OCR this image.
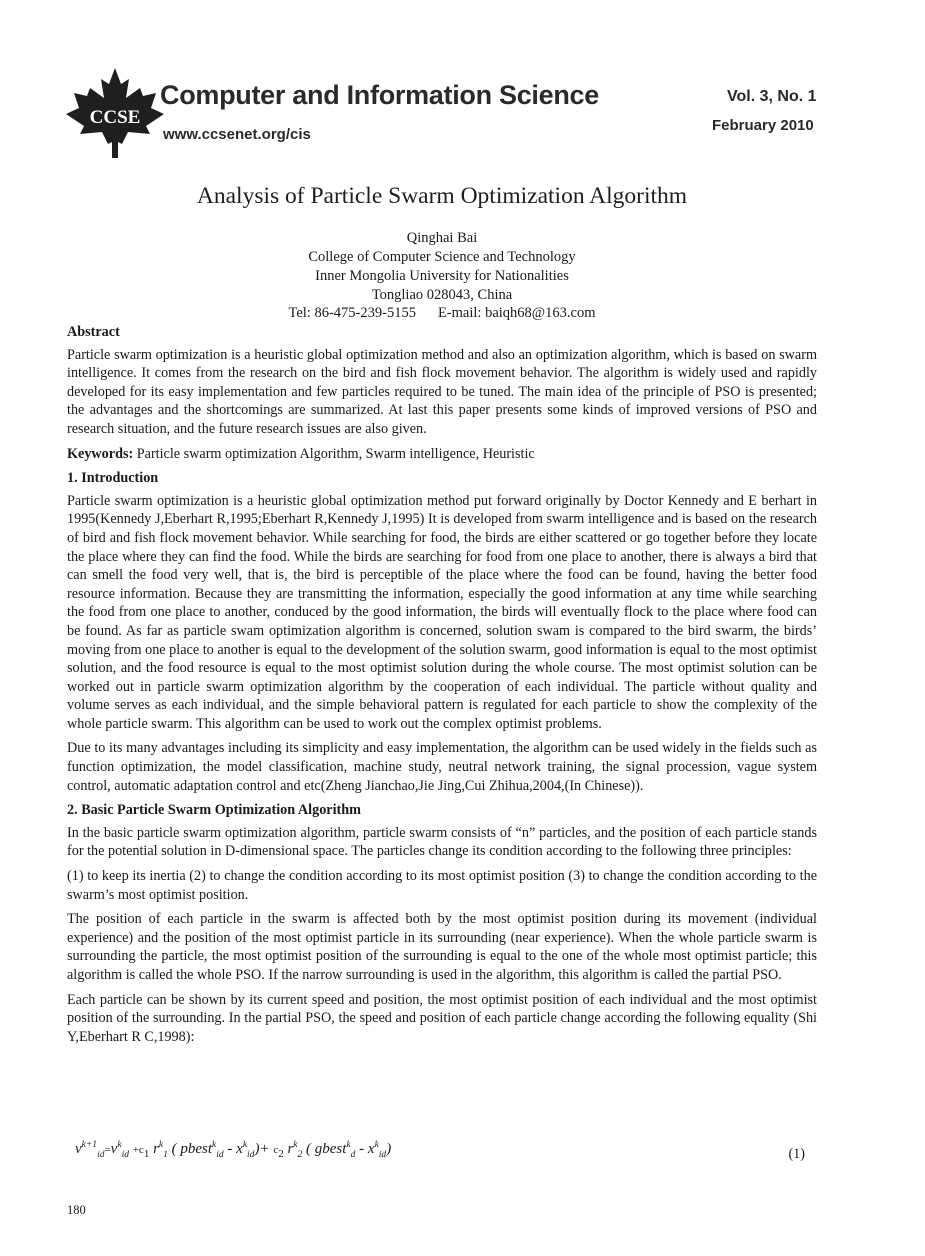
CCSE
Computer and Information Science
www.ccsenet.org/cis
Vol. 3, No. 1
February 2010
Analysis of Particle Swarm Optimization Algorithm
Qinghai Bai
College of Computer Science and Technology
Inner Mongolia University for Nationalities
Tongliao 028043, China
Tel: 86-475-239-5155 E-mail: baiqh68@163.com
Abstract

Particle swarm optimization is a heuristic global optimization method and also an optimization algorithm, which is based on swarm intelligence. It comes from the research on the bird and fish flock movement behavior. The algorithm is widely used and rapidly developed for its easy implementation and few particles required to be tuned. The main idea of the principle of PSO is presented; the advantages and the shortcomings are summarized. At last this paper presents some kinds of improved versions of PSO and research situation, and the future research issues are also given.

Keywords: Particle swarm optimization Algorithm, Swarm intelligence, Heuristic

1. Introduction

Particle swarm optimization is a heuristic global optimization method put forward originally by Doctor Kennedy and E berhart in 1995(Kennedy J,Eberhart R,1995;Eberhart R,Kennedy J,1995) It is developed from swarm intelligence and is based on the research of bird and fish flock movement behavior. While searching for food, the birds are either scattered or go together before they locate the place where they can find the food. While the birds are searching for food from one place to another, there is always a bird that can smell the food very well, that is, the bird is perceptible of the place where the food can be found, having the better food resource information. Because they are transmitting the information, especially the good information at any time while searching the food from one place to another, conduced by the good information, the birds will eventually flock to the place where food can be found. As far as particle swam optimization algorithm is concerned, solution swam is compared to the bird swarm, the birds’ moving from one place to another is equal to the development of the solution swarm, good information is equal to the most optimist solution, and the food resource is equal to the most optimist solution during the whole course. The most optimist solution can be worked out in particle swarm optimization algorithm by the cooperation of each individual. The particle without quality and volume serves as each individual, and the simple behavioral pattern is regulated for each particle to show the complexity of the whole particle swarm. This algorithm can be used to work out the complex optimist problems.

Due to its many advantages including its simplicity and easy implementation, the algorithm can be used widely in the fields such as function optimization, the model classification, machine study, neutral network training, the signal procession, vague system control, automatic adaptation control and etc(Zheng Jianchao,Jie Jing,Cui Zhihua,2004,(In Chinese)).

2. Basic Particle Swarm Optimization Algorithm

In the basic particle swarm optimization algorithm, particle swarm consists of “n” particles, and the position of each particle stands for the potential solution in D-dimensional space. The particles change its condition according to the following three principles:

(1) to keep its inertia (2) to change the condition according to its most optimist position (3) to change the condition according to the swarm’s most optimist position.

The position of each particle in the swarm is affected both by the most optimist position during its movement (individual experience) and the position of the most optimist particle in its surrounding (near experience). When the whole particle swarm is surrounding the particle, the most optimist position of the surrounding is equal to the one of the whole most optimist particle; this algorithm is called the whole PSO. If the narrow surrounding is used in the algorithm, this algorithm is called the partial PSO.

Each particle can be shown by its current speed and position, the most optimist position of each individual and the most optimist position of the surrounding. In the partial PSO, the speed and position of each particle change according the following equality (Shi Y,Eberhart R C,1998):

$v^{k+1}_{id}=v^k_{id} +c_1$ $r^k_1$ ( pbest$^k_{id}$ - $x^k_{id})+ c_2$ $r^k_2$ ( gbest$^k_d$ - $x^k_{id}$)	(1)
180
